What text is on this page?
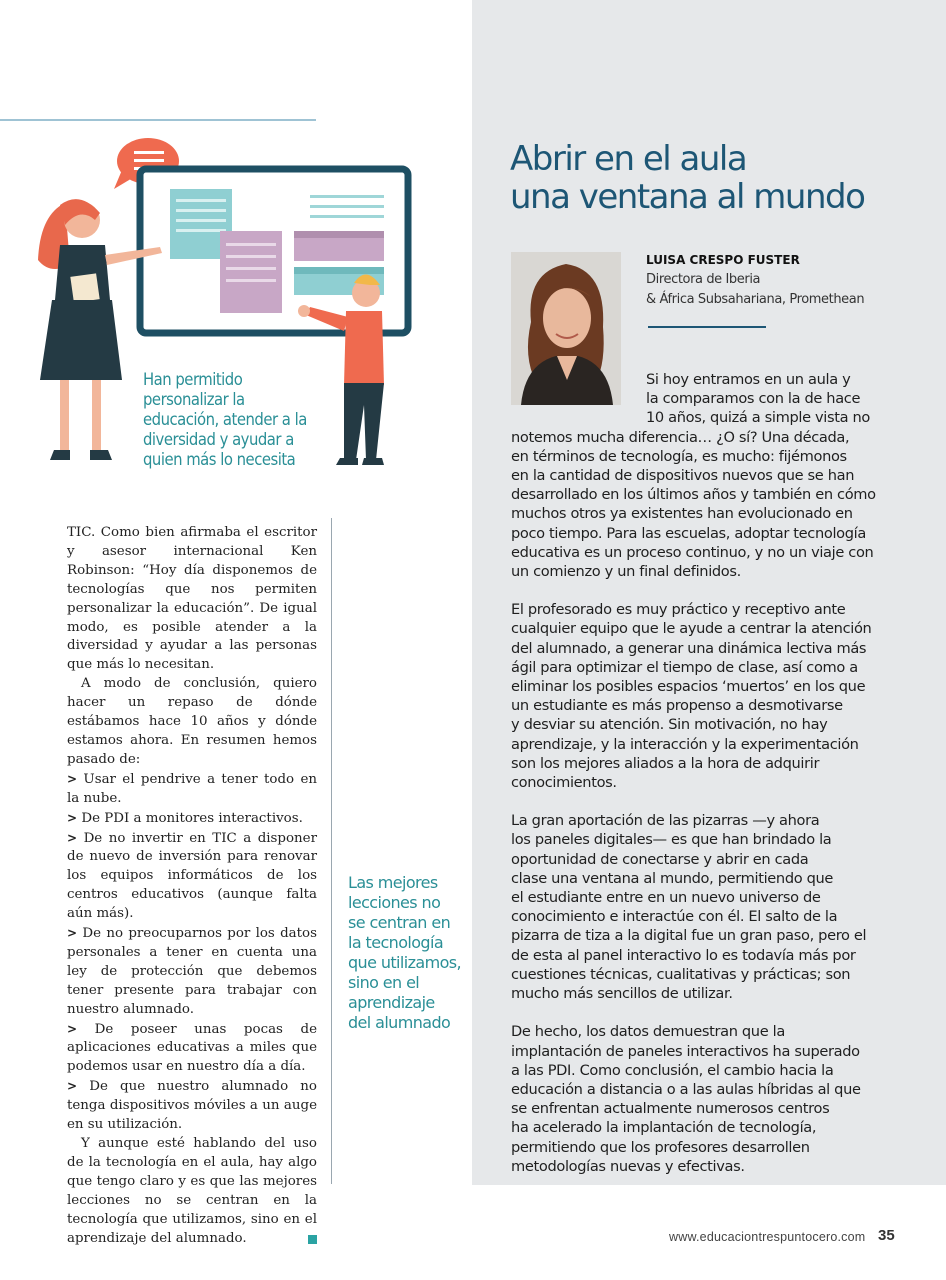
Han permitido
personalizar la
educación, atender a la
diversidad y ayudar a
quien más lo necesita

TIC. Como bien afirmaba el escritor y asesor internacional Ken Robinson: “Hoy día disponemos de tecnologías que nos permiten personalizar la educación”. De igual modo, es posible atender a la diversidad y ayudar a las personas que más lo necesitan.

A modo de conclusión, quiero hacer un repaso de dónde estábamos hace 10 años y dónde estamos ahora. En resumen hemos pasado de:

> Usar el pendrive a tener todo en la nube.

> De PDI a monitores interactivos.

> De no invertir en TIC a disponer de nuevo de inversión para renovar los equipos informáticos de los centros educativos (aunque falta aún más).

> De no preocuparnos por los datos personales a tener en cuenta una ley de protección que debemos tener presente para trabajar con nuestro alumnado.

> De poseer unas pocas de aplicaciones educativas a miles que podemos usar en nuestro día a día.

> De que nuestro alumnado no tenga dispositivos móviles a un auge en su utilización.

Y aunque esté hablando del uso de la tecnología en el aula, hay algo que tengo claro y es que las mejores lecciones no se centran en la tecnología que utilizamos, sino en el aprendizaje del alumnado.

Las mejores
lecciones no
se centran en
la tecnología
que utilizamos,
sino en el
aprendizaje
del alumnado
Abrir en el aula
una ventana al mundo
LUISA CRESPO FUSTER
Directora de Iberia
& África Subsahariana, Promethean

Si hoy entramos en un aula y
la comparamos con la de hace
10 años, quizá a simple vista no
notemos mucha diferencia… ¿O sí? Una década,
en términos de tecnología, es mucho: fijémonos
en la cantidad de dispositivos nuevos que se han
desarrollado en los últimos años y también en cómo
muchos otros ya existentes han evolucionado en
poco tiempo. Para las escuelas, adoptar tecnología
educativa es un proceso continuo, y no un viaje con
un comienzo y un final definidos.

El profesorado es muy práctico y receptivo ante
cualquier equipo que le ayude a centrar la atención
del alumnado, a generar una dinámica lectiva más
ágil para optimizar el tiempo de clase, así como a
eliminar los posibles espacios ‘muertos’ en los que
un estudiante es más propenso a desmotivarse
y desviar su atención. Sin motivación, no hay
aprendizaje, y la interacción y la experimentación
son los mejores aliados a la hora de adquirir
conocimientos.

La gran aportación de las pizarras —y ahora
los paneles digitales— es que han brindado la
oportunidad de conectarse y abrir en cada
clase una ventana al mundo, permitiendo que
el estudiante entre en un nuevo universo de
conocimiento e interactúe con él. El salto de la
pizarra de tiza a la digital fue un gran paso, pero el
de esta al panel interactivo lo es todavía más por
cuestiones técnicas, cualitativas y prácticas; son
mucho más sencillos de utilizar.

De hecho, los datos demuestran que la
implantación de paneles interactivos ha superado
a las PDI. Como conclusión, el cambio hacia la
educación a distancia o a las aulas híbridas al que
se enfrentan actualmente numerosos centros
ha acelerado la implantación de tecnología,
permitiendo que los profesores desarrollen
metodologías nuevas y efectivas.

www.educaciontrespuntocero.com 35
